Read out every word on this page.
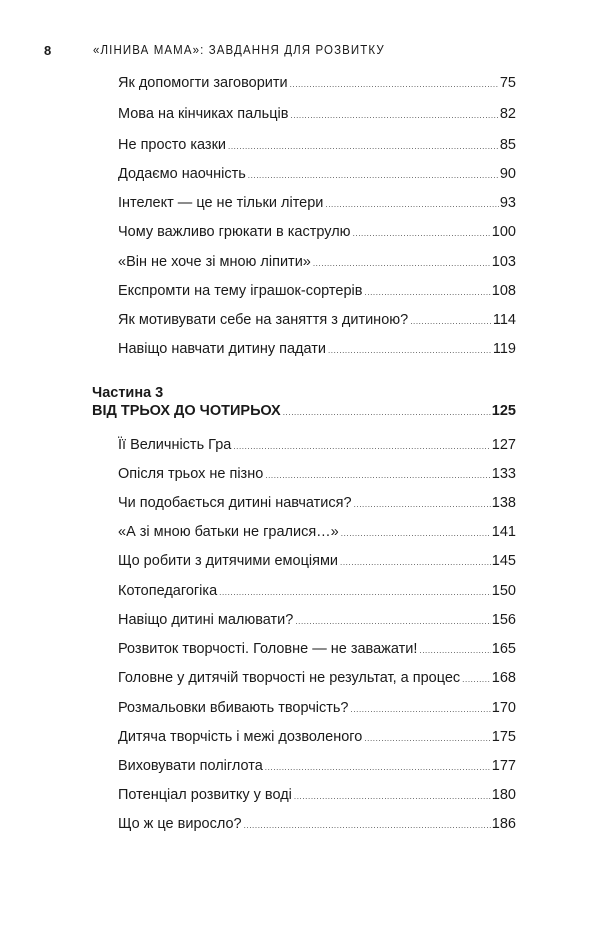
8	«ЛІНИВА МАМА»: ЗАВДАННЯ ДЛЯ РОЗВИТКУ
Як допомогти заговорити .....	75
Мова на кінчиках пальців .....	82
Не просто казки .....	85
Додаємо наочність .....	90
Інтелект — це не тільки літери .....	93
Чому важливо грюкати в каструлю .....	100
«Він не хоче зі мною ліпити» .....	103
Експромти на тему іграшок-сортерів .....	108
Як мотивувати себе на заняття з дитиною? .....	114
Навіщо навчати дитину падати .....	119
Частина 3
ВІД ТРЬОХ ДО ЧОТИРЬОХ .....	125
Її Величність Гра .....	127
Опісля трьох не пізно .....	133
Чи подобається дитині навчатися? .....	138
«А зі мною батьки не гралися…» .....	141
Що робити з дитячими емоціями .....	145
Котопедагогіка .....	150
Навіщо дитині малювати? .....	156
Розвиток творчості. Головне — не заважати! .....	165
Головне у дитячій творчості не результат, а процес ..... 168
Розмальовки вбивають творчість? .....	170
Дитяча творчість і межі дозволеного .....	175
Виховувати поліглота .....	177
Потенціал розвитку у воді .....	180
Що ж це виросло? .....	186
